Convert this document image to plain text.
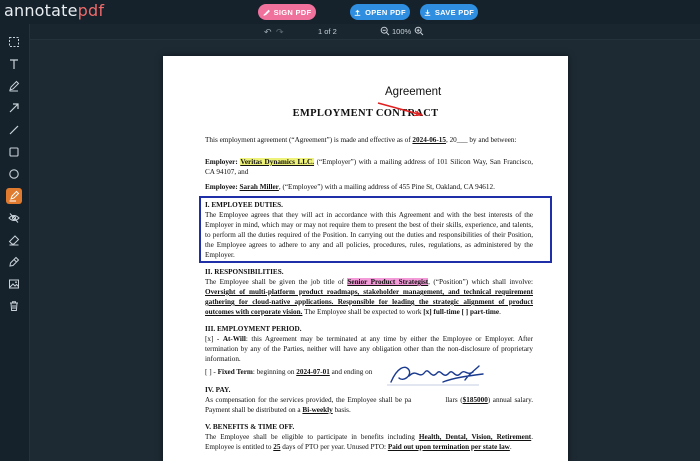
annotatepdf	SIGN PDF	OPEN PDF	SAVE PDF
↶ ↷	1 of 2	100%
Agreement
EMPLOYMENT CONTRACT
This employment agreement (“Agreement”) is made and effective as of 2024-06-15, 20___ by and between:
Employer: Veritas Dynamics LLC. (“Employer”) with a mailing address of 101 Silicon Way, San Francisco, CA 94107, and
Employee: Sarah Miller, (“Employee”) with a mailing address of 455 Pine St, Oakland, CA 94612.
I. EMPLOYEE DUTIES.
The Employee agrees that they will act in accordance with this Agreement and with the best interests of the Employer in mind, which may or may not require them to present the best of their skills, experience, and talents, to perform all the duties required of the Position. In carrying out the duties and responsibilities of their Position, the Employee agrees to adhere to any and all policies, procedures, rules, regulations, as administered by the Employer.
II. RESPONSIBILITIES.
The Employee shall be given the job title of Senior Product Strategist, (“Position”) which shall involve: Oversight of multi-platform product roadmaps, stakeholder management, and technical requirement gathering for cloud-native applications. Responsible for leading the strategic alignment of product outcomes with corporate vision. The Employee shall be expected to work [x] full-time [ ] part-time.
III. EMPLOYMENT PERIOD.
[x] - At-Will: this Agreement may be terminated at any time by either the Employee or Employer. After termination by any of the Parties, neither will have any obligation other than the non-disclosure of proprietary information.
[ ] - Fixed Term: beginning on 2024-07-01 and ending on
IV. PAY.
As compensation for the services provided, the Employee shall be pa	llars ($185000) annual salary. Payment shall be distributed on a Bi-weekly basis.
V. BENEFITS & TIME OFF.
The Employee shall be eligible to participate in benefits including Health, Dental, Vision, Retirement. Employee is entitled to 25 days of PTO per year. Unused PTO: Paid out upon termination per state law.
